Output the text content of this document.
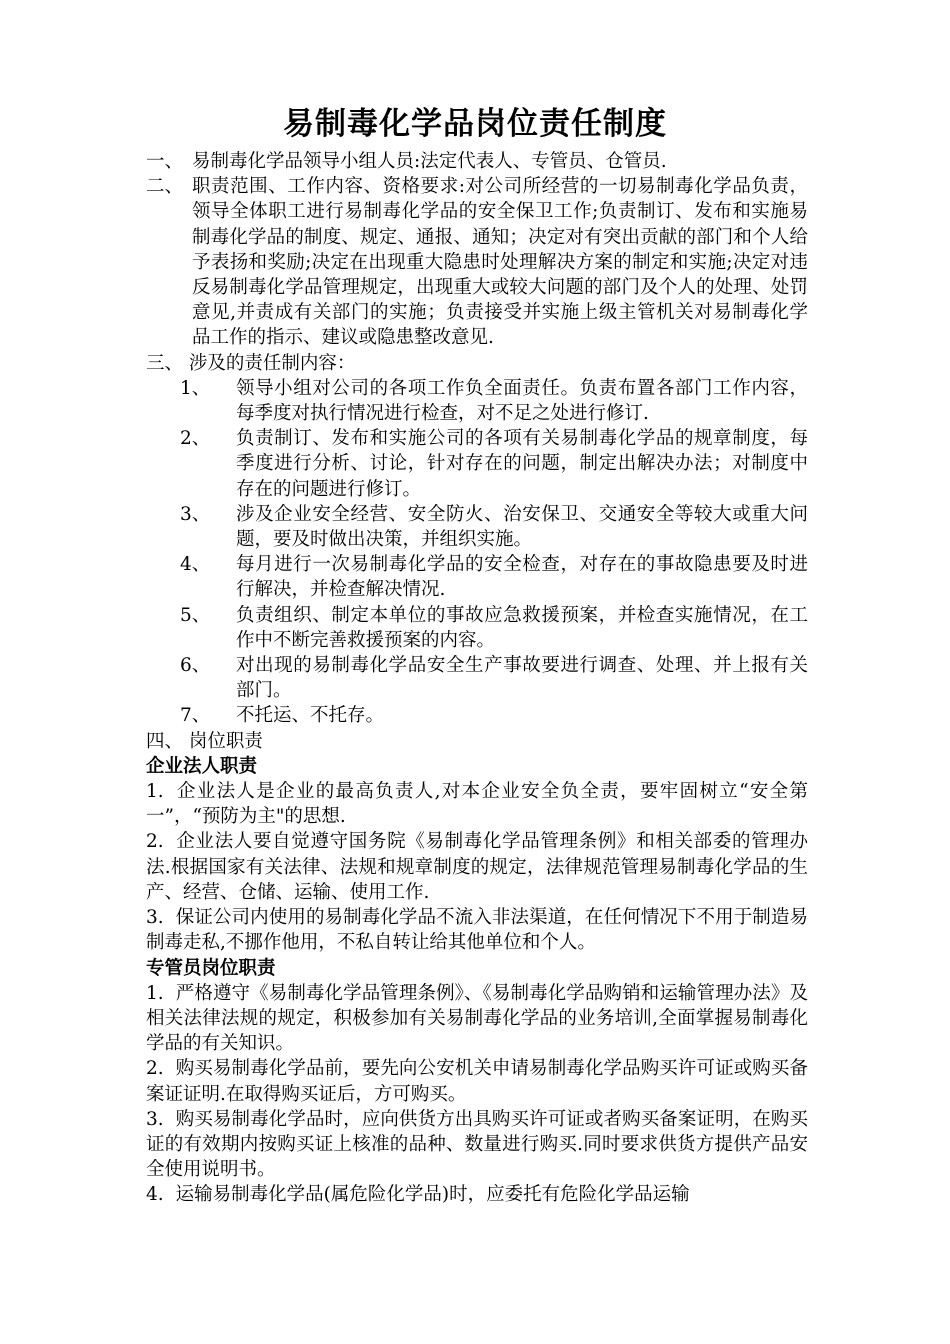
易制毒化学品岗位责任制度
一、 易制毒化学品领导小组人员:法定代表人、专管员、仓管员.
二、 职责范围、工作内容、资格要求:对公司所经营的一切易制毒化学品负责，领导全体职工进行易制毒化学品的安全保卫工作;负责制订、发布和实施易制毒化学品的制度、规定、通报、通知；决定对有突出贡献的部门和个人给予表扬和奖励;决定在出现重大隐患时处理解决方案的制定和实施;决定对违反易制毒化学品管理规定，出现重大或较大问题的部门及个人的处理、处罚意见,并责成有关部门的实施；负责接受并实施上级主管机关对易制毒化学品工作的指示、建议或隐患整改意见.
三、 涉及的责任制内容：
1、	领导小组对公司的各项工作负全面责任。负责布置各部门工作内容，每季度对执行情况进行检查，对不足之处进行修订.
2、	负责制订、发布和实施公司的各项有关易制毒化学品的规章制度，每季度进行分析、讨论，针对存在的问题，制定出解决办法；对制度中存在的问题进行修订。
3、	涉及企业安全经营、安全防火、治安保卫、交通安全等较大或重大问题，要及时做出决策，并组织实施。
4、	每月进行一次易制毒化学品的安全检查，对存在的事故隐患要及时进行解决，并检查解决情况.
5、	负责组织、制定本单位的事故应急救援预案，并检查实施情况，在工作中不断完善救援预案的内容。
6、	对出现的易制毒化学品安全生产事故要进行调查、处理、并上报有关部门。
7、	不托运、不托存。
四、 岗位职责
企业法人职责
1. 企业法人是企业的最高负责人,对本企业安全负全责，要牢固树立“安全第一”，“预防为主"的思想.
2. 企业法人要自觉遵守国务院《易制毒化学品管理条例》和相关部委的管理办法.根据国家有关法律、法规和规章制度的规定，法律规范管理易制毒化学品的生产、经营、仓储、运输、使用工作.
3. 保证公司内使用的易制毒化学品不流入非法渠道，在任何情况下不用于制造易制毒走私,不挪作他用，不私自转让给其他单位和个人。
专管员岗位职责
1. 严格遵守《易制毒化学品管理条例》、《易制毒化学品购销和运输管理办法》及相关法律法规的规定，积极参加有关易制毒化学品的业务培训,全面掌握易制毒化学品的有关知识。
2. 购买易制毒化学品前，要先向公安机关申请易制毒化学品购买许可证或购买备案证证明.在取得购买证后，方可购买。
3. 购买易制毒化学品时，应向供货方出具购买许可证或者购买备案证明，在购买证的有效期内按购买证上核准的品种、数量进行购买.同时要求供货方提供产品安全使用说明书。
4. 运输易制毒化学品(属危险化学品)时，应委托有危险化学品运输
